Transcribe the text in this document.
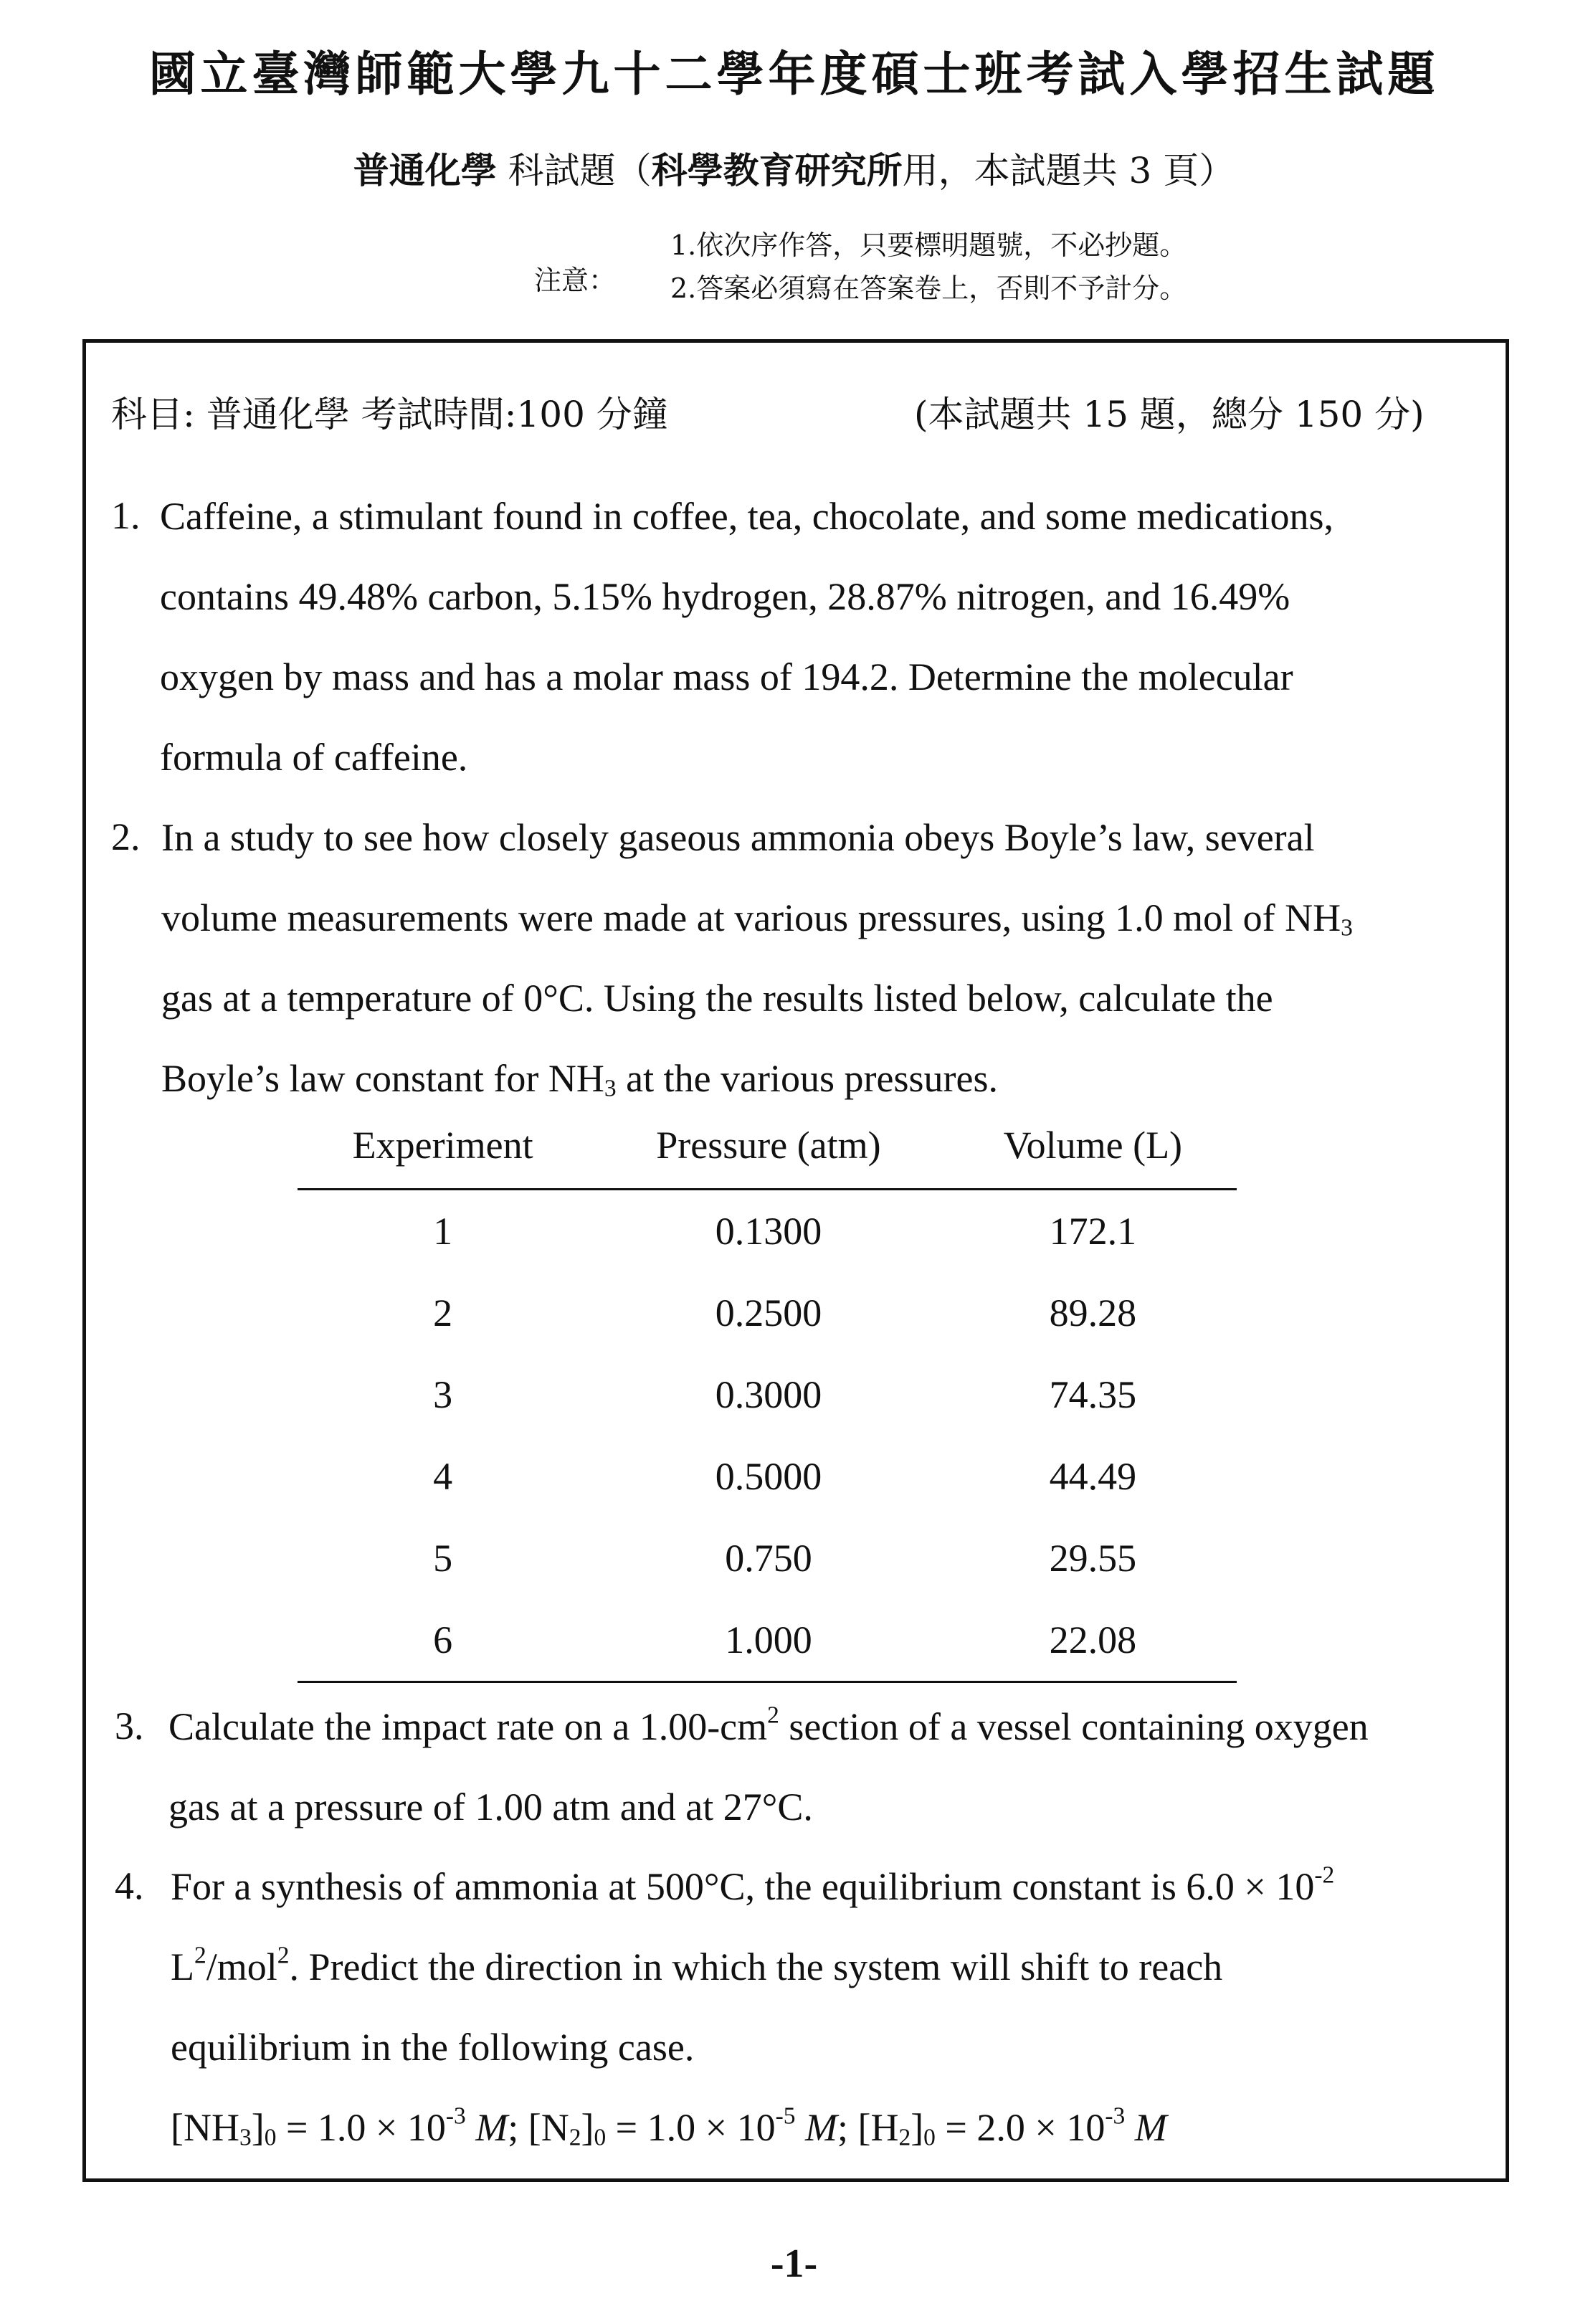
國立臺灣師範大學九十二學年度碩士班考試入學招生試題
普通化學 科試題（科學教育研究所用，本試題共 3 頁）
注意：
1.依次序作答，只要標明題號，不必抄題。
2.答案必須寫在答案卷上，否則不予計分。
科目: 普通化學 考試時間:100 分鐘	(本試題共 15 題，總分 150 分)
1. Caffeine, a stimulant found in coffee, tea, chocolate, and some medications,
contains 49.48% carbon, 5.15% hydrogen, 28.87% nitrogen, and 16.49%
oxygen by mass and has a molar mass of 194.2. Determine the molecular
formula of caffeine.
2. In a study to see how closely gaseous ammonia obeys Boyle’s law, several
volume measurements were made at various pressures, using 1.0 mol of $NH_3$
gas at a temperature of 0°C. Using the results listed below, calculate the
Boyle’s law constant for $NH_3$ at the various pressures.
Experiment	Pressure (atm)	Volume (L)
1	0.1300	172.1
2	0.2500	89.28
3	0.3000	74.35
4	0.5000	44.49
5	0.750	29.55
6	1.000	22.08
3. Calculate the impact rate on a $1.00-cm^2$ section of a vessel containing oxygen
gas at a pressure of 1.00 atm and at 27°C.
4. For a synthesis of ammonia at 500°C, the equilibrium constant is $6.0 \times 10^{-2}$
$L^2/mol^2$. Predict the direction in which the system will shift to reach
equilibrium in the following case.
$[NH_3]_0 = 1.0 \times 10^{-3}$ M; $[N_2]_0 = 1.0 \times 10^{-5}$ M; $[H_2]_0 = 2.0 \times 10^{-3}$ M
-1-
